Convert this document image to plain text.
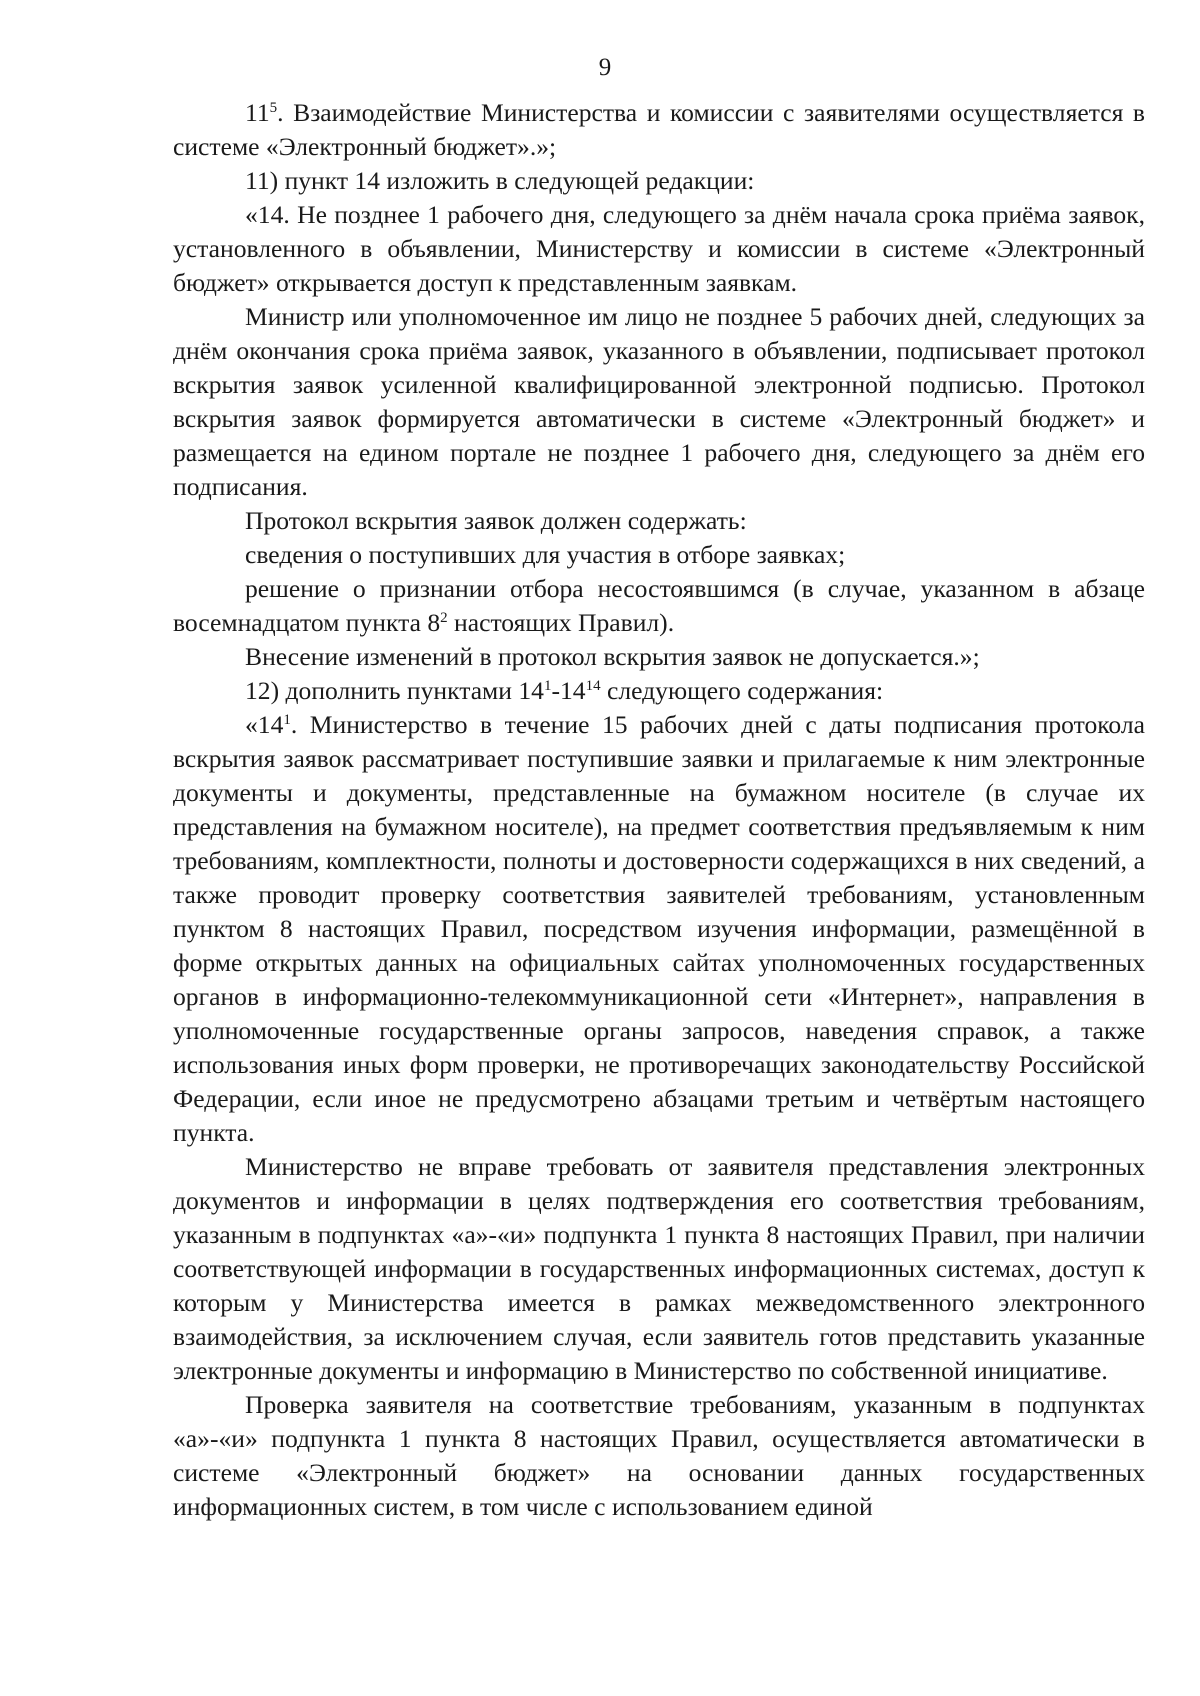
9

$11^5$. Взаимодействие Министерства и комиссии с заявителями осуществляется в системе «Электронный бюджет».»;

11) пункт 14 изложить в следующей редакции:

«14. Не позднее 1 рабочего дня, следующего за днём начала срока приёма заявок, установленного в объявлении, Министерству и комиссии в системе «Электронный бюджет» открывается доступ к представленным заявкам.

Министр или уполномоченное им лицо не позднее 5 рабочих дней, следующих за днём окончания срока приёма заявок, указанного в объявлении, подписывает протокол вскрытия заявок усиленной квалифицированной электронной подписью. Протокол вскрытия заявок формируется автоматически в системе «Электронный бюджет» и размещается на едином портале не позднее 1 рабочего дня, следующего за днём его подписания.

Протокол вскрытия заявок должен содержать:

сведения о поступивших для участия в отборе заявках;

решение о признании отбора несостоявшимся (в случае, указанном в абзаце восемнадцатом пункта $8^2$ настоящих Правил).

Внесение изменений в протокол вскрытия заявок не допускается.»;

12) дополнить пунктами $14^1-14^{14}$ следующего содержания:

«$14^1$. Министерство в течение 15 рабочих дней с даты подписания протокола вскрытия заявок рассматривает поступившие заявки и прилагаемые к ним электронные документы и документы, представленные на бумажном носителе (в случае их представления на бумажном носителе), на предмет соответствия предъявляемым к ним требованиям, комплектности, полноты и достоверности содержащихся в них сведений, а также проводит проверку соответствия заявителей требованиям, установленным пунктом 8 настоящих Правил, посредством изучения информации, размещённой в форме открытых данных на официальных сайтах уполномоченных государственных органов в информационно-телекоммуникационной сети «Интернет», направления в уполномоченные государственные органы запросов, наведения справок, а также использования иных форм проверки, не противоречащих законодательству Российской Федерации, если иное не предусмотрено абзацами третьим и четвёртым настоящего пункта.

Министерство не вправе требовать от заявителя представления электронных документов и информации в целях подтверждения его соответствия требованиям, указанным в подпунктах «а»-«и» подпункта 1 пункта 8 настоящих Правил, при наличии соответствующей информации в государственных информационных системах, доступ к которым у Министерства имеется в рамках межведомственного электронного взаимодействия, за исключением случая, если заявитель готов представить указанные электронные документы и информацию в Министерство по собственной инициативе.

Проверка заявителя на соответствие требованиям, указанным в подпунктах «а»-«и» подпункта 1 пункта 8 настоящих Правил, осуществляется автоматически в системе «Электронный бюджет» на основании данных государственных информационных систем, в том числе с использованием единой
